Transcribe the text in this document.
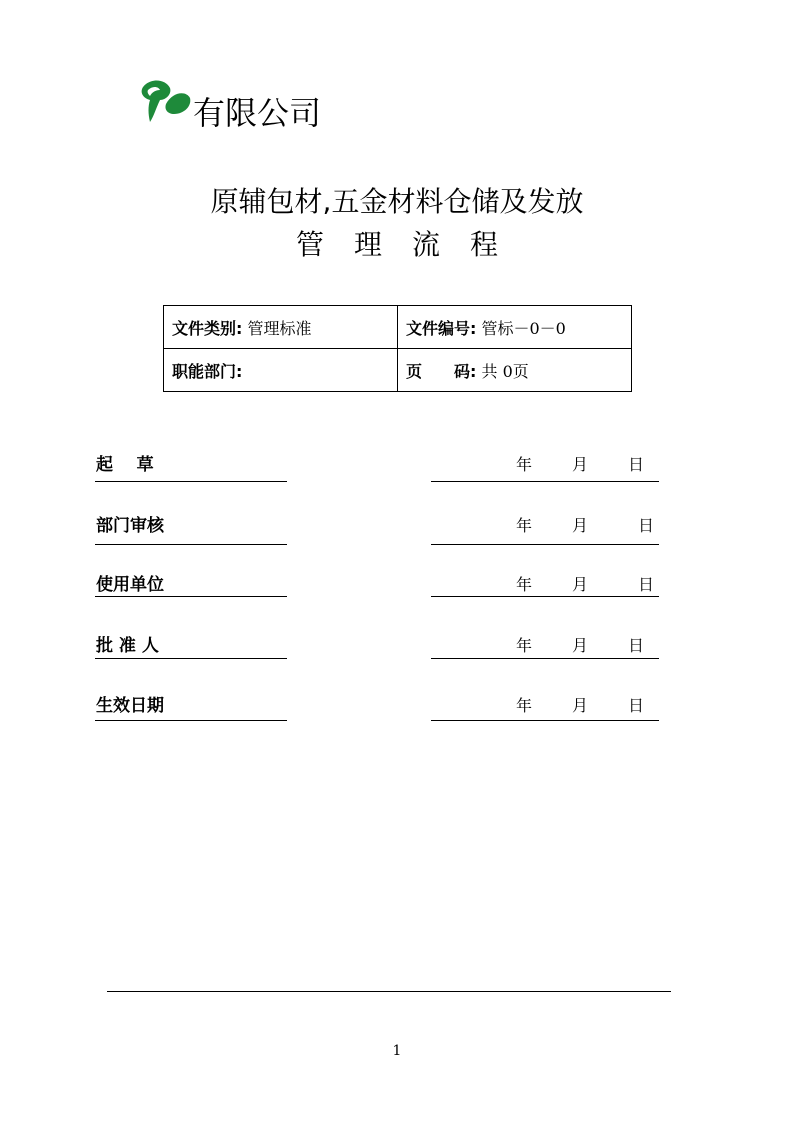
有限公司
原辅包材,五金材料仓储及发放
管理流程
文件类别: 管理标准	文件编号: 管标－0－0
职能部门:	页　　码: 共 0页
起    草	年 月 日
部门审核	年 月	日
使用单位	年 月	日
批 准 人	年 月 日
生效日期	年 月 日
1
